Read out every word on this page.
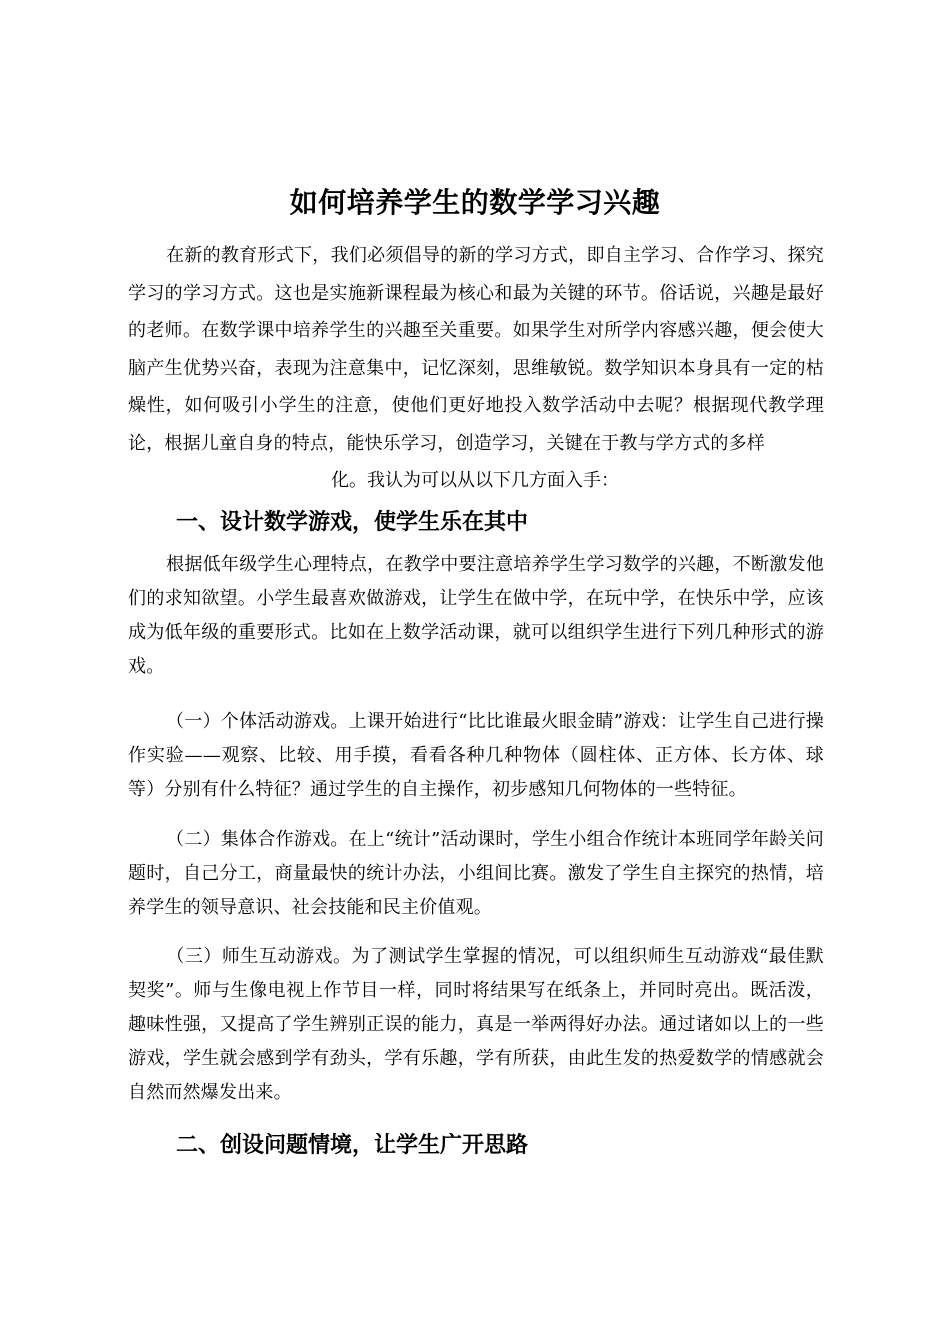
如何培养学生的数学学习兴趣
在新的教育形式下，我们必须倡导的新的学习方式，即自主学习、合作学习、探究学习的学习方式。这也是实施新课程最为核心和最为关键的环节。俗话说，兴趣是最好的老师。在数学课中培养学生的兴趣至关重要。如果学生对所学内容感兴趣，便会使大脑产生优势兴奋，表现为注意集中，记忆深刻，思维敏锐。数学知识本身具有一定的枯燥性，如何吸引小学生的注意，使他们更好地投入数学活动中去呢？根据现代教学理论，根据儿童自身的特点，能快乐学习，创造学习，关键在于教与学方式的多样
化。我认为可以从以下几方面入手：
一、设计数学游戏，使学生乐在其中
根据低年级学生心理特点，在教学中要注意培养学生学习数学的兴趣，不断激发他们的求知欲望。小学生最喜欢做游戏，让学生在做中学，在玩中学，在快乐中学，应该成为低年级的重要形式。比如在上数学活动课，就可以组织学生进行下列几种形式的游戏。
（一）个体活动游戏。上课开始进行“比比谁最火眼金睛”游戏：让学生自己进行操作实验——观察、比较、用手摸，看看各种几种物体（圆柱体、正方体、长方体、球等）分别有什么特征？通过学生的自主操作，初步感知几何物体的一些特征。
（二）集体合作游戏。在上“统计”活动课时，学生小组合作统计本班同学年龄关问题时，自己分工，商量最快的统计办法，小组间比赛。激发了学生自主探究的热情，培养学生的领导意识、社会技能和民主价值观。
（三）师生互动游戏。为了测试学生掌握的情况，可以组织师生互动游戏“最佳默契奖”。师与生像电视上作节目一样，同时将结果写在纸条上，并同时亮出。既活泼，趣味性强，又提高了学生辨别正误的能力，真是一举两得好办法。通过诸如以上的一些游戏，学生就会感到学有劲头，学有乐趣，学有所获，由此生发的热爱数学的情感就会自然而然爆发出来。
二、创设问题情境，让学生广开思路
